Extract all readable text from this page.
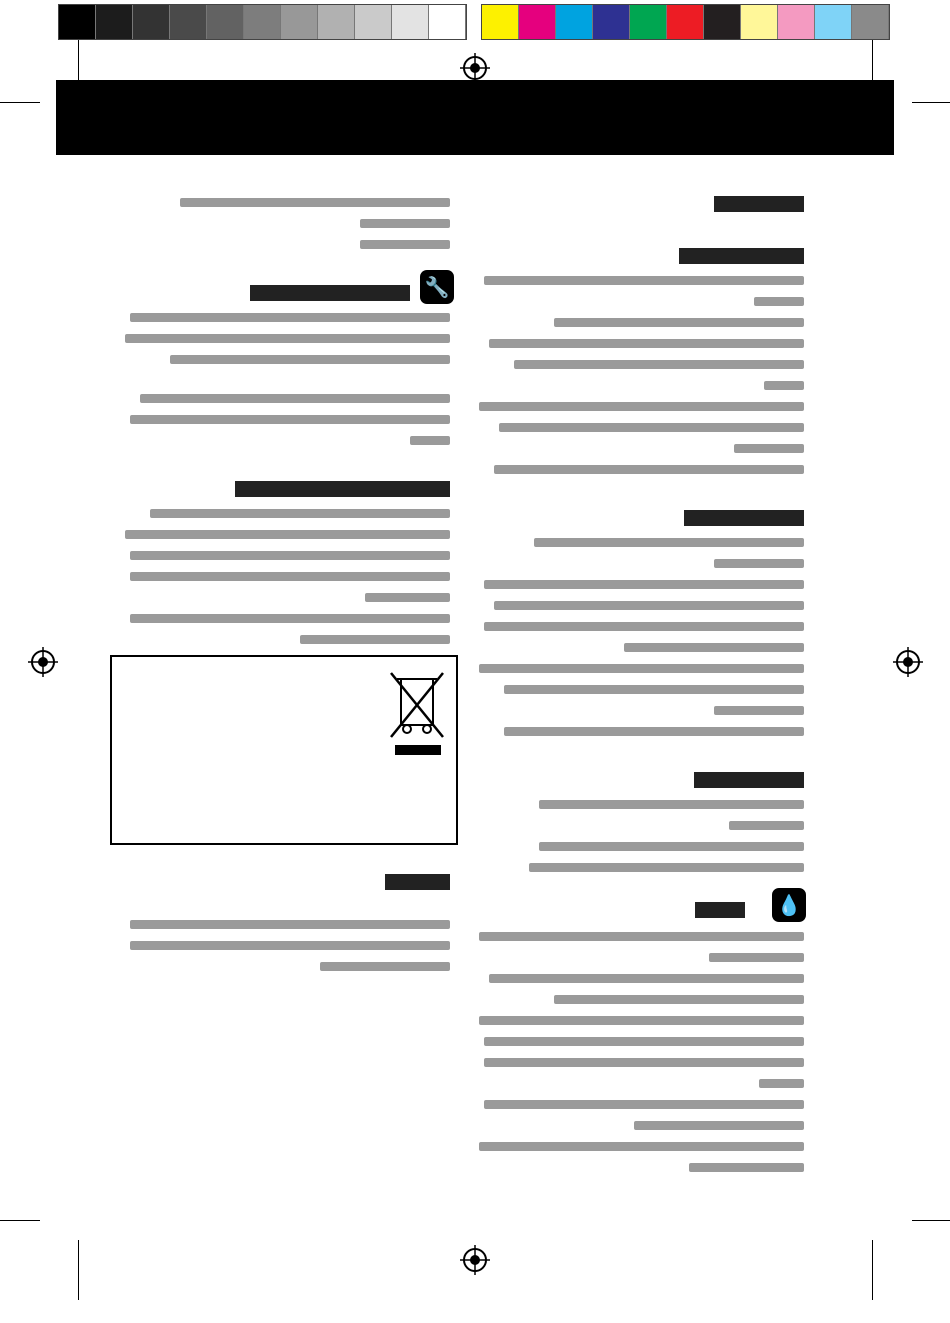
💧
🔧
